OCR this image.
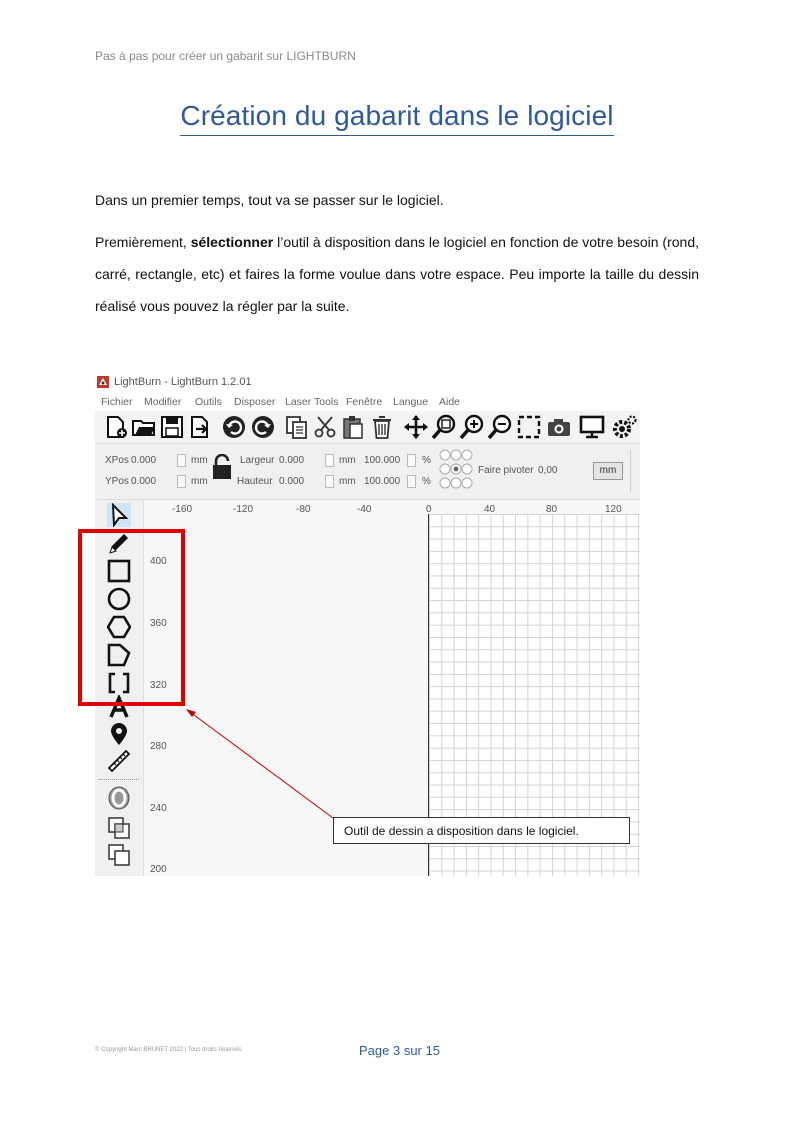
Pas à pas pour créer un gabarit sur LIGHTBURN
Création du gabarit dans le logiciel
Dans un premier temps, tout va se passer sur le logiciel.
Premièrement, sélectionner l’outil à disposition dans le logiciel en fonction de votre besoin (rond, carré, rectangle, etc) et faires la forme voulue dans votre espace. Peu importe la taille du dessin réalisé vous pouvez la régler par la suite.
LightBurn - LightBurn 1.2.01
Fichier Modifier Outils Disposer Laser Tools Fenêtre Langue Aide
XPos 0.000	mm
YPos 0.000	mm
Largeur 0.000	mm
Hauteur 0.000	mm
100.000 %
100.000 %
Faire pivoter 0,00	mm
-160	-120	-80	-40	0	40	80	120
400
360
320
280
240
200
Outil de dessin a disposition dans le logiciel.
© Copyright Marc BRUNET 2022 | Tous droits réservés	Page 3 sur 15
